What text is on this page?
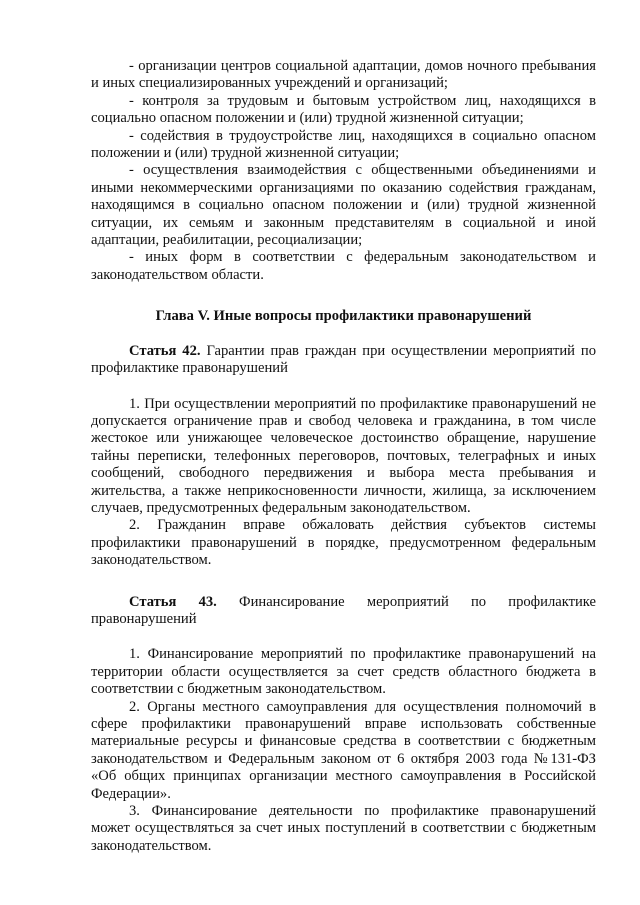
- организации центров социальной адаптации, домов ночного пребывания и иных специализированных учреждений и организаций;

- контроля за трудовым и бытовым устройством лиц, находящихся в социально опасном положении и (или) трудной жизненной ситуации;

- содействия в трудоустройстве лиц, находящихся в социально опасном положении и (или) трудной жизненной ситуации;

- осуществления взаимодействия с общественными объединениями и иными некоммерческими организациями по оказанию содействия гражданам, находящимся в социально опасном положении и (или) трудной жизненной ситуации, их семьям и законным представителям в социальной и иной адаптации, реабилитации, ресоциализации;

- иных форм в соответствии с федеральным законодательством и законодательством области.

Глава V. Иные вопросы профилактики правонарушений

Статья 42. Гарантии прав граждан при осуществлении мероприятий по профилактике правонарушений

1. При осуществлении мероприятий по профилактике правонарушений не допускается ограничение прав и свобод человека и гражданина, в том числе жестокое или унижающее человеческое достоинство обращение, нарушение тайны переписки, телефонных переговоров, почтовых, телеграфных и иных сообщений, свободного передвижения и выбора места пребывания и жительства, а также неприкосновенности личности, жилища, за исключением случаев, предусмотренных федеральным законодательством.

2. Гражданин вправе обжаловать действия субъектов системы профилактики правонарушений в порядке, предусмотренном федеральным законодательством.

Статья 43. Финансирование мероприятий по профилактике правонарушений

1. Финансирование мероприятий по профилактике правонарушений на территории области осуществляется за счет средств областного бюджета в соответствии с бюджетным законодательством.

2. Органы местного самоуправления для осуществления полномочий в сфере профилактики правонарушений вправе использовать собственные материальные ресурсы и финансовые средства в соответствии с бюджетным законодательством и Федеральным законом от 6 октября 2003 года №131-ФЗ «Об общих принципах организации местного самоуправления в Российской Федерации».

3. Финансирование деятельности по профилактике правонарушений может осуществляться за счет иных поступлений в соответствии с бюджетным законодательством.
